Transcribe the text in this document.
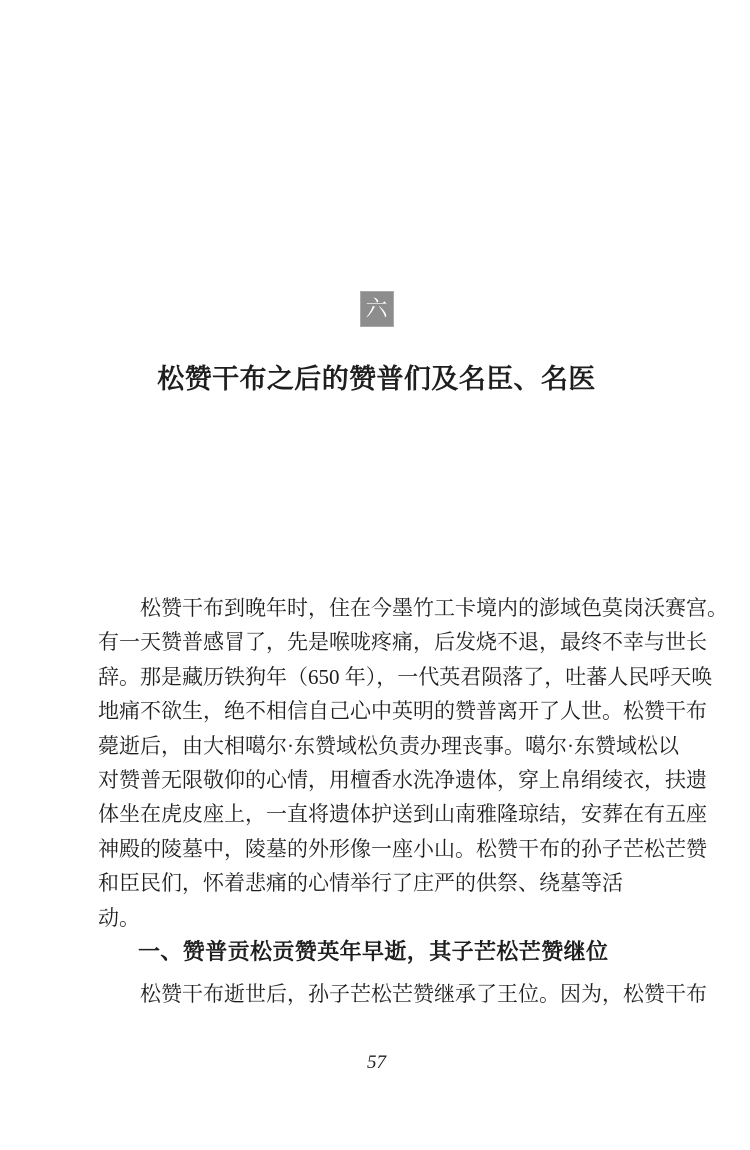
六
松赞干布之后的赞普们及名臣、名医
松赞干布到晚年时，住在今墨竹工卡境内的澎域色莫岗沃赛宫。
有一天赞普感冒了，先是喉咙疼痛，后发烧不退，最终不幸与世长
辞。那是藏历铁狗年（650 年），一代英君陨落了，吐蕃人民呼天唤
地痛不欲生，绝不相信自己心中英明的赞普离开了人世。松赞干布
薨逝后，由大相噶尔·东赞域松负责办理丧事。噶尔·东赞域松以
对赞普无限敬仰的心情，用檀香水洗净遗体，穿上帛绢绫衣，扶遗
体坐在虎皮座上，一直将遗体护送到山南雅隆琼结，安葬在有五座
神殿的陵墓中，陵墓的外形像一座小山。松赞干布的孙子芒松芒赞
和臣民们，怀着悲痛的心情举行了庄严的供祭、绕墓等活动。
一、赞普贡松贡赞英年早逝，其子芒松芒赞继位
松赞干布逝世后，孙子芒松芒赞继承了王位。因为，松赞干布
57
